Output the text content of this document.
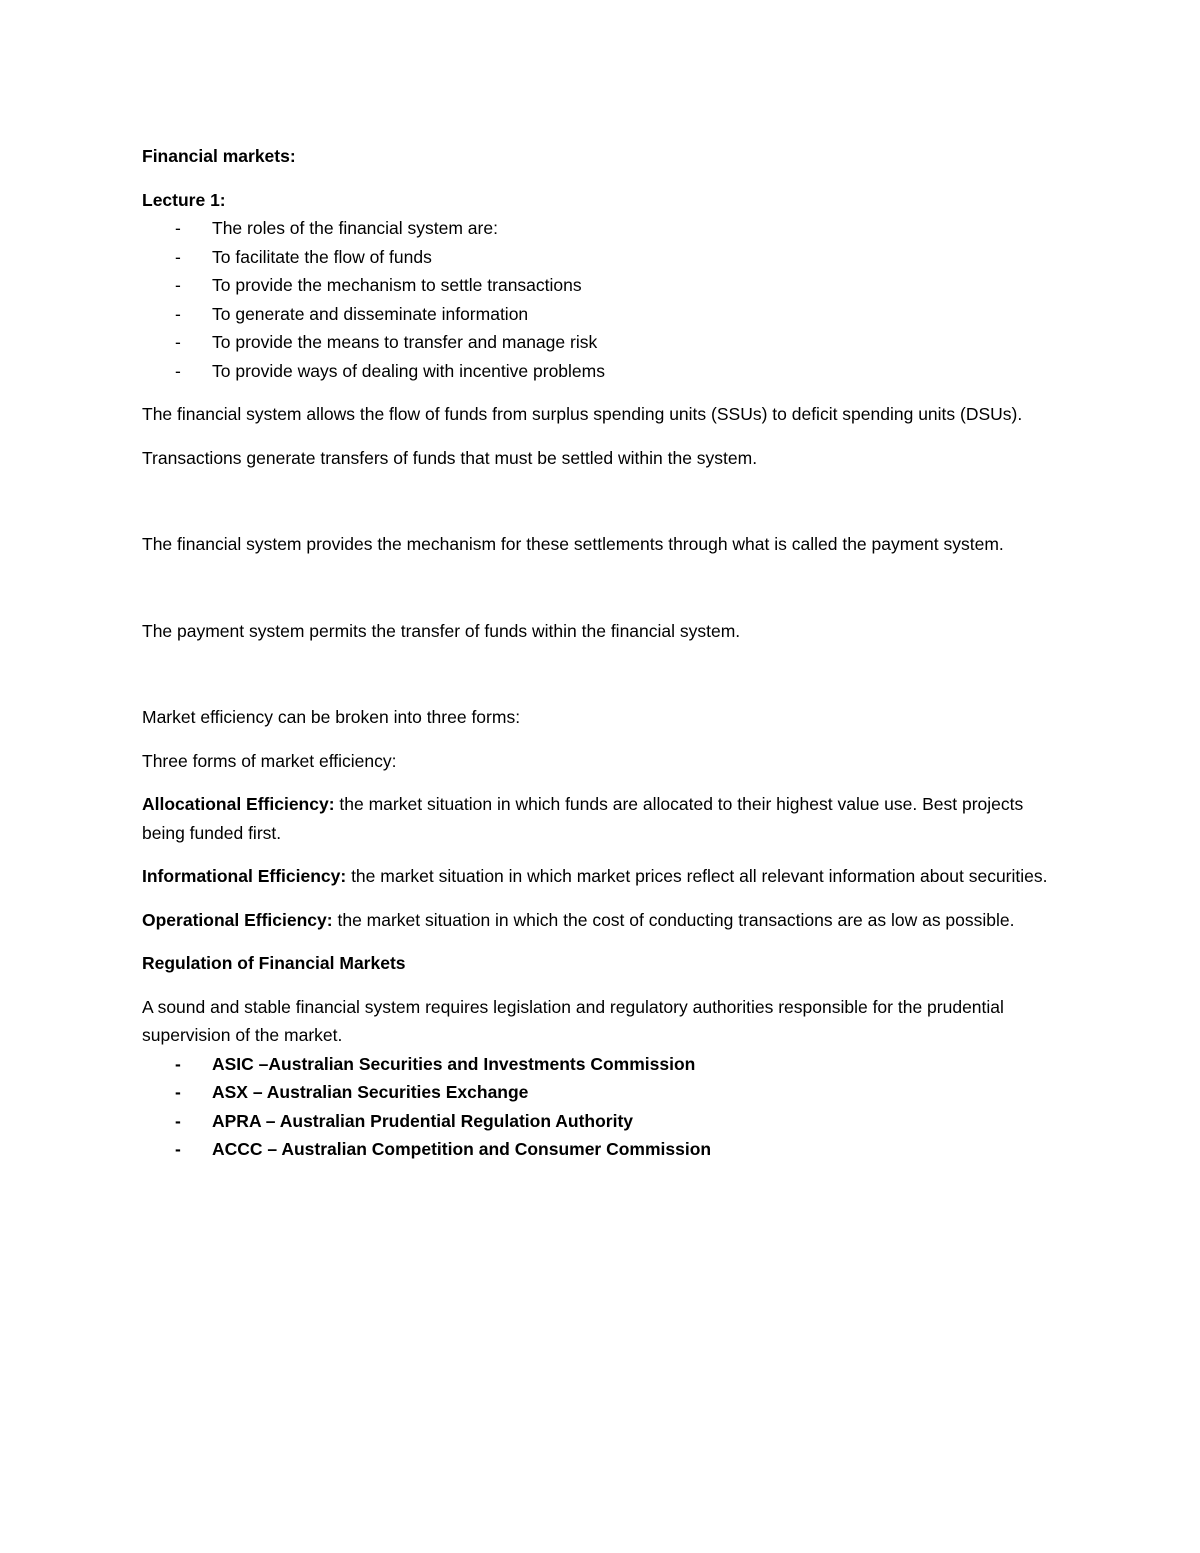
Financial markets:

Lecture 1:

- The roles of the financial system are:
- To facilitate the flow of funds
- To provide the mechanism to settle transactions
- To generate and disseminate information
- To provide the means to transfer and manage risk
- To provide ways of dealing with incentive problems

The financial system allows the flow of funds from surplus spending units (SSUs) to deficit spending units (DSUs).

Transactions generate transfers of funds that must be settled within the system.

The financial system provides the mechanism for these settlements through what is called the payment system.

The payment system permits the transfer of funds within the financial system.

Market efficiency can be broken into three forms:

Three forms of market efficiency:

Allocational Efficiency: the market situation in which funds are allocated to their highest value use. Best projects being funded first.

Informational Efficiency: the market situation in which market prices reflect all relevant information about securities.

Operational Efficiency: the market situation in which the cost of conducting transactions are as low as possible.

Regulation of Financial Markets

A sound and stable financial system requires legislation and regulatory authorities responsible for the prudential supervision of the market.

- ASIC –Australian Securities and Investments Commission
- ASX – Australian Securities Exchange
- APRA – Australian Prudential Regulation Authority
- ACCC – Australian Competition and Consumer Commission
